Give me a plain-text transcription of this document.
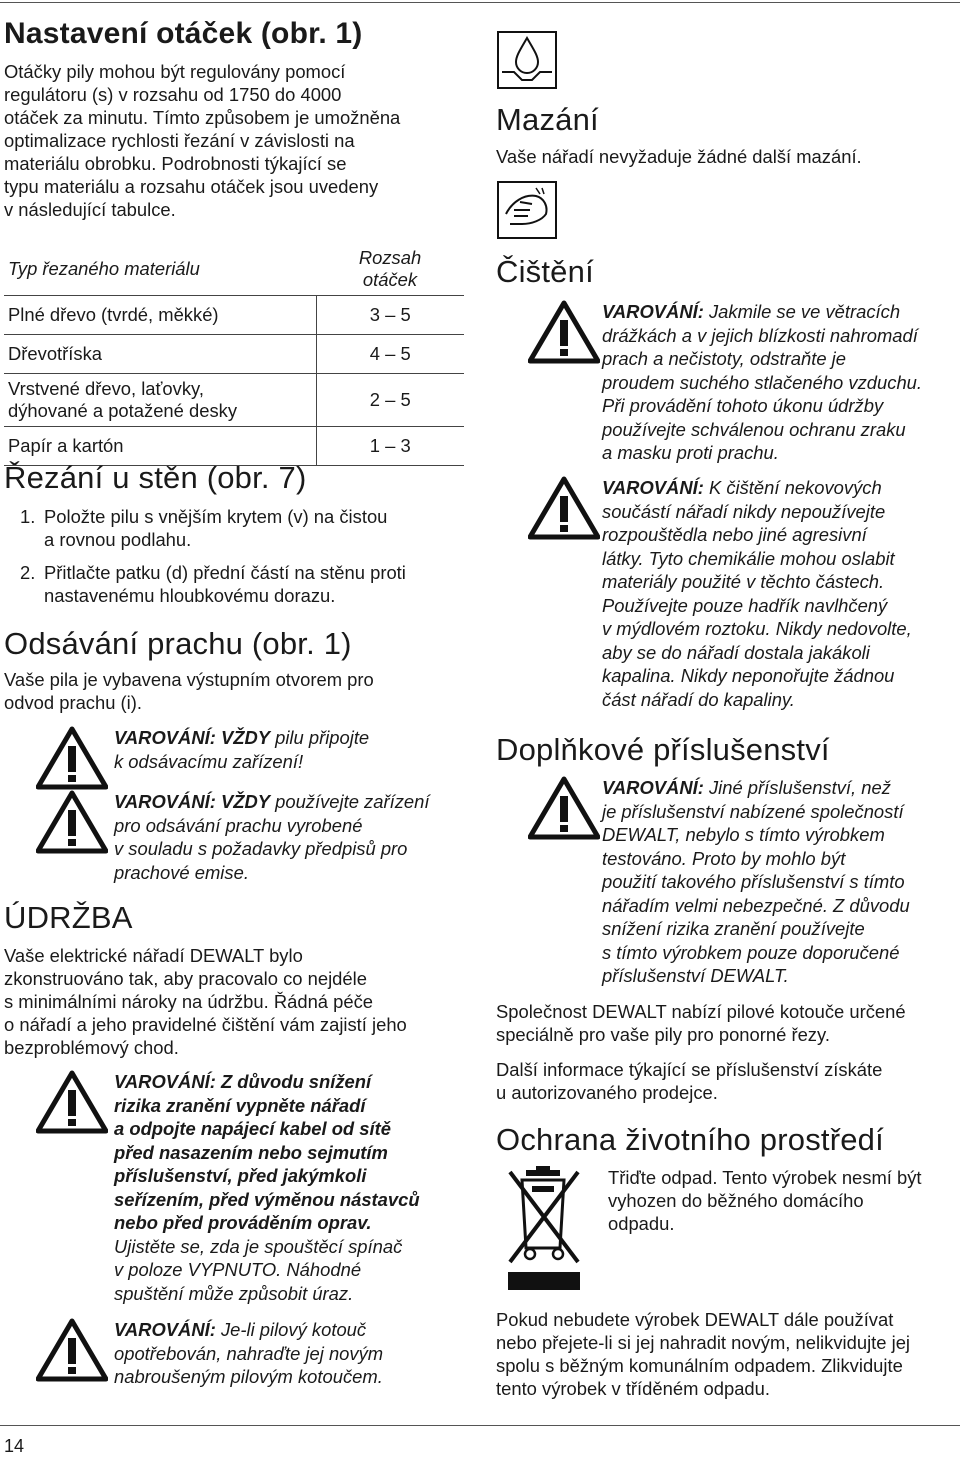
Nastavení otáček (obr. 1)

Otáčky pily mohou být regulovány pomocí

regulátoru (s) v rozsahu od 1750 do 4000

otáček za minutu. Tímto způsobem je umožněna

optimalizace rychlosti řezání v závislosti na

materiálu obrobku. Podrobnosti týkající se

typu materiálu a rozsahu otáček jsou uvedeny

v následující tabulce.

Typ řezaného materiálu	Rozsah
otáček

Plné dřevo (tvrdé, měkké)	3 – 5
Dřevotříska	4 – 5

Vrstvené dřevo, laťovky,
dýhované a potažené desky	2 – 5
Papír a kartón	1 – 3
Řezání u stěn (obr. 7)
1. Položte pilu s vnějším krytem (v) na čistou
a rovnou podlahu.
2. Přitlačte patku (d) přední částí na stěnu proti
nastavenému hloubkovému dorazu.
Odsávání prachu (obr. 1)

Vaše pila je vybavena výstupním otvorem pro

odvod prachu (i).

VAROVÁNÍ: VŽDY pilu připojte
k odsávacímu zařízení!
VAROVÁNÍ: VŽDY používejte zařízení
pro odsávání prachu vyrobené
v souladu s požadavky předpisů pro
prachové emise.
ÚDRŽBA

Vaše elektrické nářadí DEWALT bylo

zkonstruováno tak, aby pracovalo co nejdéle

s minimálními nároky na údržbu. Řádná péče

o nářadí a jeho pravidelné čištění vám zajistí jeho

bezproblémový chod.

VAROVÁNÍ: Z důvodu snížení
rizika zranění vypněte nářadí
a odpojte napájecí kabel od sítě
před nasazením nebo sejmutím
příslušenství, před jakýmkoli
seřízením, před výměnou nástavců
nebo před prováděním oprav.
Ujistěte se, zda je spouštěcí spínač
v poloze VYPNUTO. Náhodné
spuštění může způsobit úraz.
VAROVÁNÍ: Je-li pilový kotouč
opotřebován, nahraďte jej novým
nabroušeným pilovým kotoučem.
Mazání

Vaše nářadí nevyžaduje žádné další mazání.

Čištění
VAROVÁNÍ: Jakmile se ve větracích
drážkách a v jejich blízkosti nahromadí
prach a nečistoty, odstraňte je
proudem suchého stlačeného vzduchu.
Při provádění tohoto úkonu údržby
používejte schválenou ochranu zraku
a masku proti prachu.
VAROVÁNÍ: K čištění nekovových
součástí nářadí nikdy nepoužívejte
rozpouštědla nebo jiné agresivní
látky. Tyto chemikálie mohou oslabit
materiály použité v těchto částech.
Používejte pouze hadřík navlhčený
v mýdlovém roztoku. Nikdy nedovolte,
aby se do nářadí dostala jakákoli
kapalina. Nikdy neponořujte žádnou
část nářadí do kapaliny.
Doplňkové příslušenství
VAROVÁNÍ: Jiné příslušenství, než
je příslušenství nabízené společností
DEWALT, nebylo s tímto výrobkem
testováno. Proto by mohlo být
použití takového příslušenství s tímto
nářadím velmi nebezpečné. Z důvodu
snížení rizika zranění používejte
s tímto výrobkem pouze doporučené
příslušenství DEWALT.

Společnost DEWALT nabízí pilové kotouče určené

speciálně pro vaše pily pro ponorné řezy.

Další informace týkající se příslušenství získáte

u autorizovaného prodejce.

Ochrana životního prostředí

Třiďte odpad. Tento výrobek nesmí být

vyhozen do běžného domácího

odpadu.

Pokud nebudete výrobek DEWALT dále používat

nebo přejete-li si jej nahradit novým, nelikvidujte jej

spolu s běžným komunálním odpadem. Zlikvidujte

tento výrobek v tříděném odpadu.

14
